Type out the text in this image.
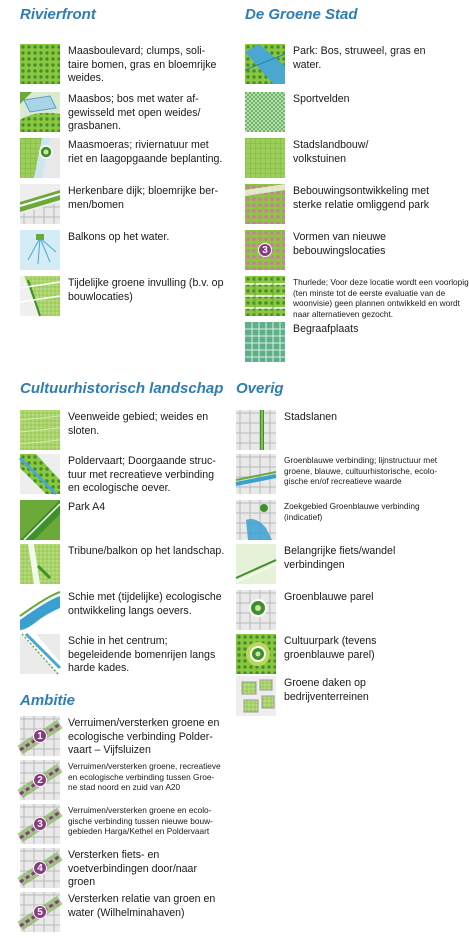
Rivierfront	De Groene Stad
Cultuurhistorisch landschap Overig
Ambitie
Maasboulevard; clumps, soli-
taire bomen, gras en bloemrijke
weides.
Maasbos; bos met water af-
gewisseld met open weides/
grasbanen.
Maasmoeras; riviernatuur met
riet en laagopgaande beplanting.
Herkenbare dijk; bloemrijke ber-
men/bomen
Balkons op het water.
Tijdelijke groene invulling (b.v. op
bouwlocaties)
Park: Bos, struweel, gras en
water.
Sportvelden
Stadslandbouw/
volkstuinen
Bebouwingsontwikkeling met
sterke relatie omliggend park
3
Vormen van nieuwe
bebouwingslocaties
Thurlede; Voor deze locatie wordt een voorlopig
(ten minste tot de eerste evaluatie van de
woonvisie) geen plannen ontwikkeld en wordt
naar alternatieven gezocht.
Begraafplaats
Veenweide gebied; weides en
sloten.
Poldervaart; Doorgaande struc-
tuur met recreatieve verbinding
en ecologische oever.
Park A4
Tribune/balkon op het landschap.
Schie met (tijdelijke) ecologische
ontwikkeling langs oevers.
Schie in het centrum;
begeleidende bomenrijen langs
harde kades.
Stadslanen
Groenblauwe verbinding; lijnstructuur met
groene, blauwe, cultuurhistorische, ecolo-
gische en/of recreatieve waarde
Zoekgebied Groenblauwe verbinding
(indicatief)
Belangrijke fiets/wandel
verbindingen
Groenblauwe parel
Cultuurpark (tevens
groenblauwe parel)
Groene daken op
bedrijventerreinen
1
Verruimen/versterken groene en
ecologische verbinding Polder-
vaart – Vijfsluizen
2
Verruimen/versterken groene, recreatieve
en ecologische verbinding tussen Groe-
ne stad noord en zuid van A20
3
Verruimen/versterken groene en ecolo-
gische verbinding tussen nieuwe bouw-
gebieden Harga/Kethel en Poldervaart
4
Versterken fiets- en
voetverbindingen door/naar
groen
5
Versterken relatie van groen en
water (Wilhelminahaven)
